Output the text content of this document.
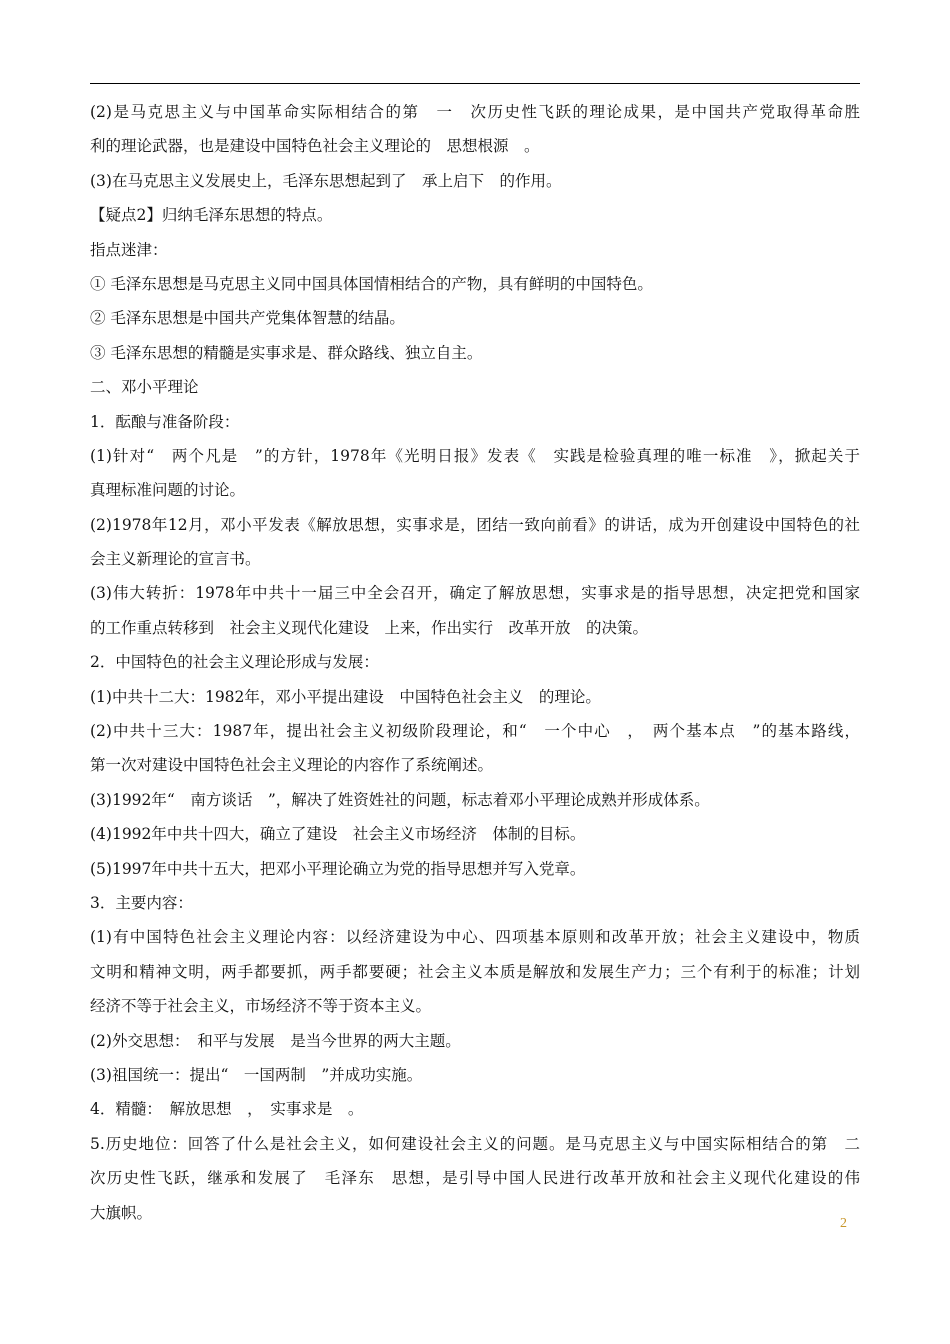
(2)是马克思主义与中国革命实际相结合的第　一　次历史性飞跃的理论成果，是中国共产党取得革命胜
利的理论武器，也是建设中国特色社会主义理论的　思想根源　。
(3)在马克思主义发展史上，毛泽东思想起到了　承上启下　的作用。
【疑点2】归纳毛泽东思想的特点。
指点迷津：
① 毛泽东思想是马克思主义同中国具体国情相结合的产物，具有鲜明的中国特色。
② 毛泽东思想是中国共产党集体智慧的结晶。
③ 毛泽东思想的精髓是实事求是、群众路线、独立自主。
二、邓小平理论
1．酝酿与准备阶段：
(1)针对“　两个凡是　”的方针，1978年《光明日报》发表《　实践是检验真理的唯一标准　》，掀起关于
真理标准问题的讨论。
(2)1978年12月，邓小平发表《解放思想，实事求是，团结一致向前看》的讲话，成为开创建设中国特色的社
会主义新理论的宣言书。
(3)伟大转折：1978年中共十一届三中全会召开，确定了解放思想，实事求是的指导思想，决定把党和国家
的工作重点转移到　社会主义现代化建设　上来，作出实行　改革开放　的决策。
2．中国特色的社会主义理论形成与发展：
(1)中共十二大：1982年，邓小平提出建设　中国特色社会主义　的理论。
(2)中共十三大：1987年，提出社会主义初级阶段理论，和“　一个中心　，　两个基本点　”的基本路线，
第一次对建设中国特色社会主义理论的内容作了系统阐述。
(3)1992年“　南方谈话　”，解决了姓资姓社的问题，标志着邓小平理论成熟并形成体系。
(4)1992年中共十四大，确立了建设　社会主义市场经济　体制的目标。
(5)1997年中共十五大，把邓小平理论确立为党的指导思想并写入党章。
3．主要内容：
(1)有中国特色社会主义理论内容：以经济建设为中心、四项基本原则和改革开放；社会主义建设中，物质
文明和精神文明，两手都要抓，两手都要硬；社会主义本质是解放和发展生产力；三个有利于的标准；计划
经济不等于社会主义，市场经济不等于资本主义。
(2)外交思想：　和平与发展　是当今世界的两大主题。
(3)祖国统一：提出“　一国两制　”并成功实施。
4．精髓：　解放思想　，　实事求是　。
5.历史地位：回答了什么是社会主义，如何建设社会主义的问题。是马克思主义与中国实际相结合的第　二
次历史性飞跃，继承和发展了　毛泽东　思想，是引导中国人民进行改革开放和社会主义现代化建设的伟
大旗帜。
2
